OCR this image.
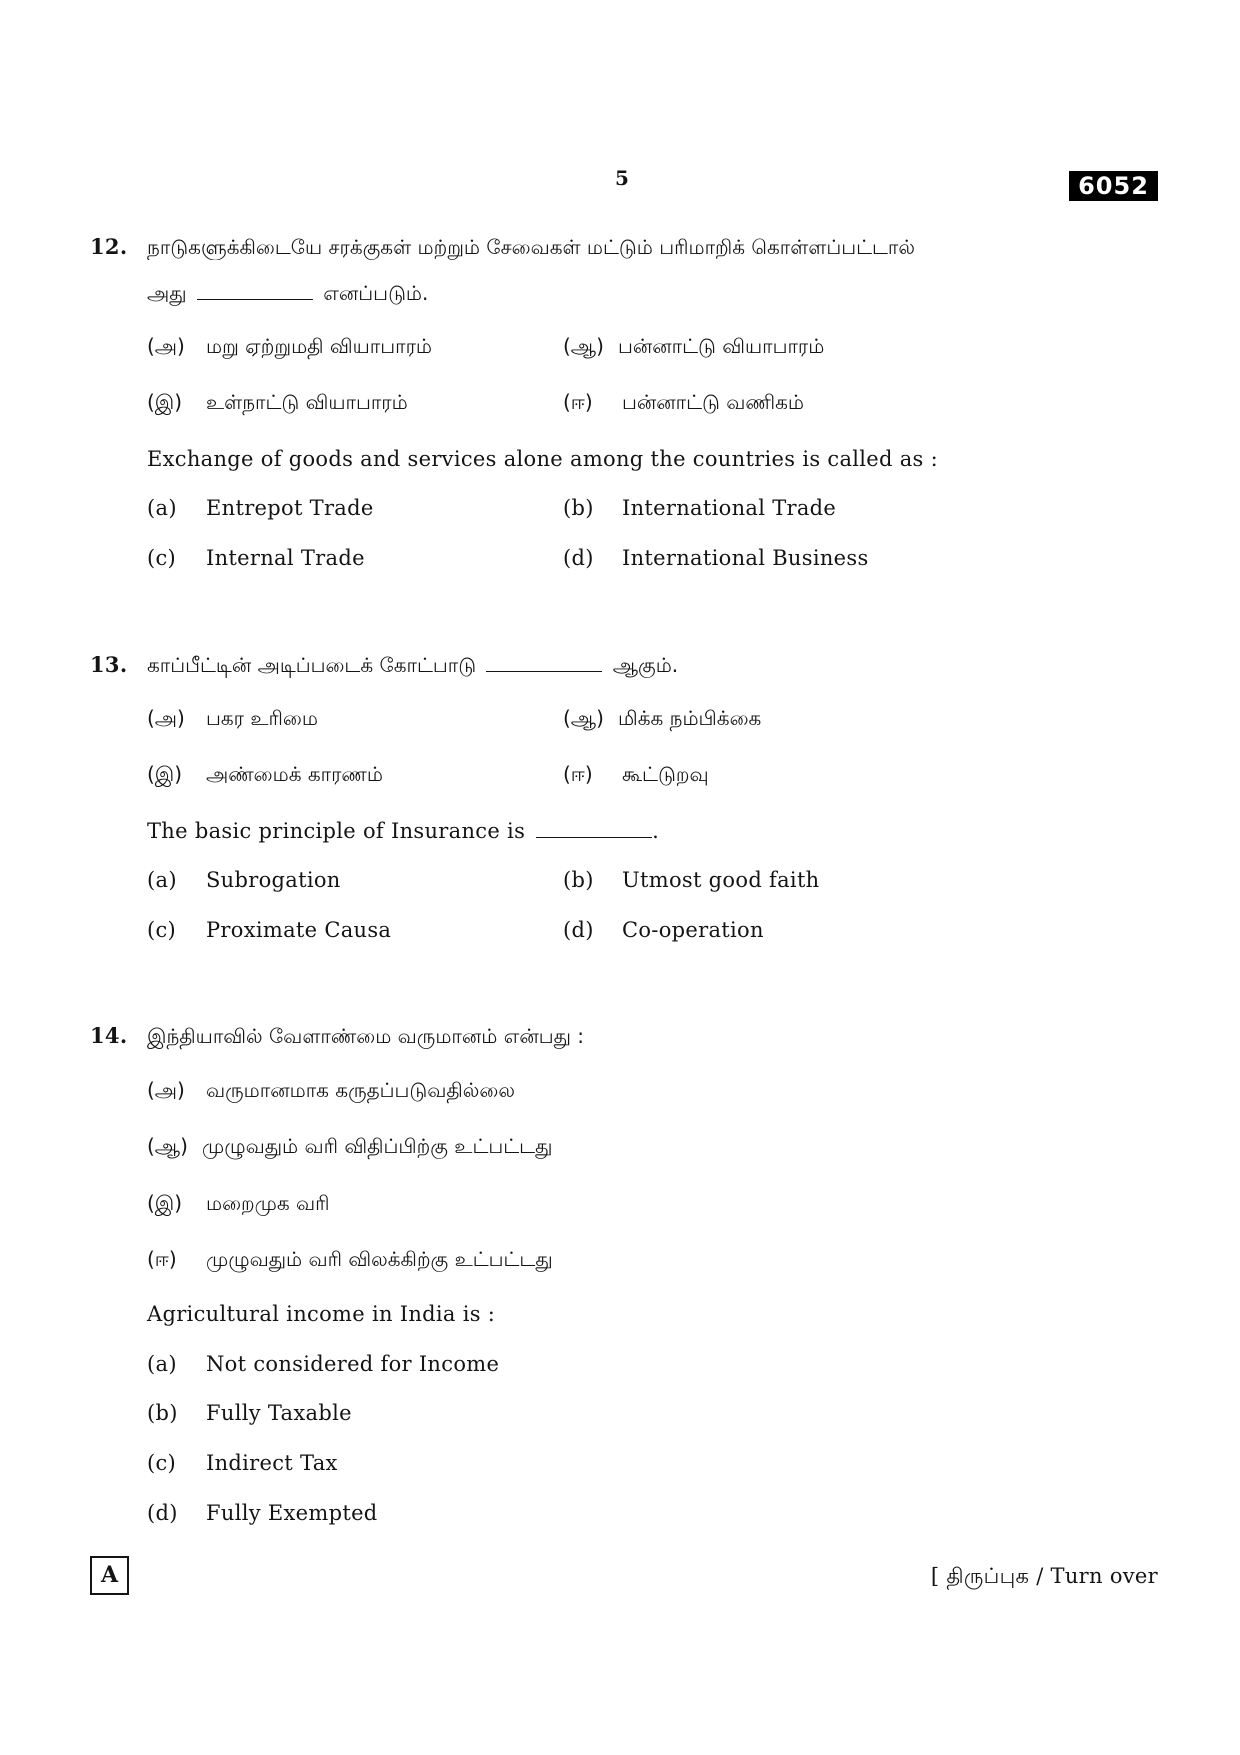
5	6052
12. நாடுகளுக்கிடையே சரக்குகள் மற்றும் சேவைகள் மட்டும் பரிமாறிக் கொள்ளப்பட்டால்
அது	எனப்படும்.
(அ) மறு ஏற்றுமதி வியாபாரம்	(ஆ) பன்னாட்டு வியாபாரம்
(இ) உள்நாட்டு வியாபாரம்	(ஈ) பன்னாட்டு வணிகம்
Exchange of goods and services alone among the countries is called as :
(a) Entrepot Trade	(b) International Trade
(c) Internal Trade	(d) International Business
13. காப்பீட்டின் அடிப்படைக் கோட்பாடு	ஆகும்.
(அ) பகர உரிமை	(ஆ) மிக்க நம்பிக்கை
(இ) அண்மைக் காரணம்	(ஈ) கூட்டுறவு
The basic principle of Insurance is	.
(a) Subrogation	(b) Utmost good faith
(c) Proximate Causa	(d) Co-operation
14. இந்தியாவில் வேளாண்மை வருமானம் என்பது :
(அ) வருமானமாக கருதப்படுவதில்லை
(ஆ) முழுவதும் வரி விதிப்பிற்கு உட்பட்டது
(இ) மறைமுக வரி
(ஈ) முழுவதும் வரி விலக்கிற்கு உட்பட்டது
Agricultural income in India is :
(a) Not considered for Income
(b) Fully Taxable
(c) Indirect Tax
(d) Fully Exempted
A	[ திருப்புக / Turn over
